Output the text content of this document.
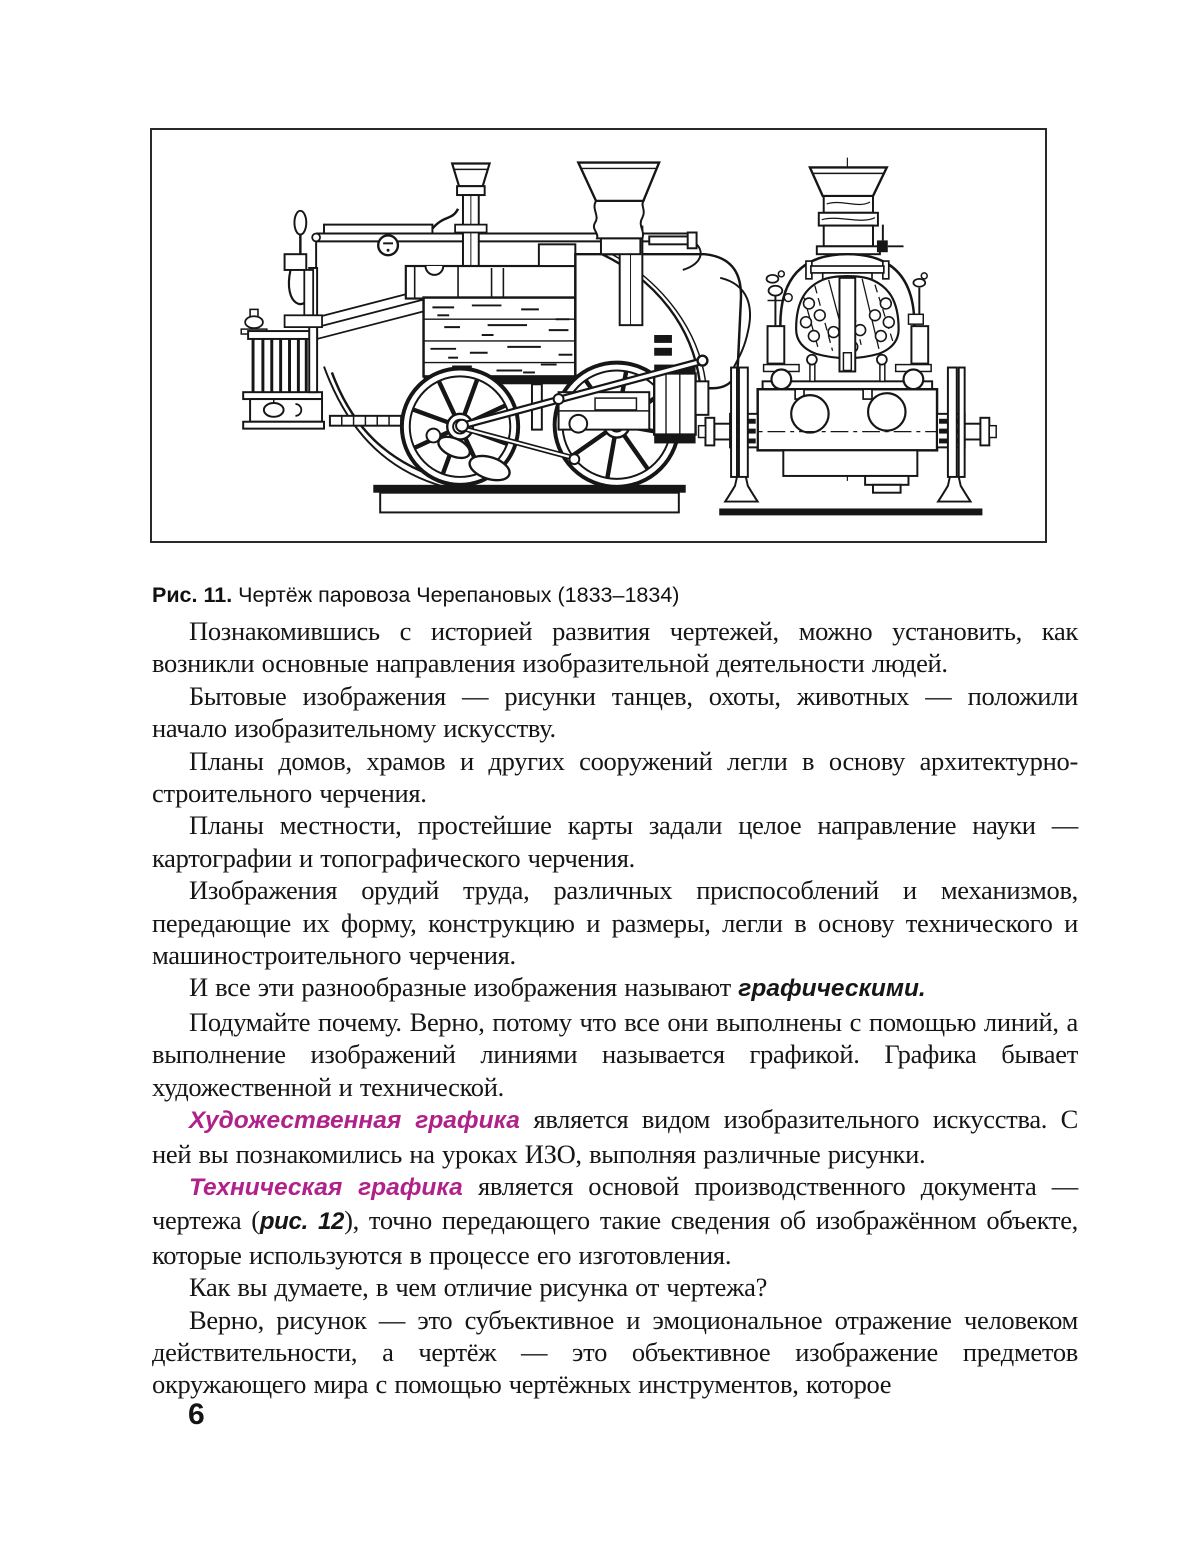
Рис. 11. Чертёж паровоза Черепановых (1833–1834)

Познакомившись с историей развития чертежей, можно установить, как возникли основные направления изобразительной деятельности людей.

Бытовые изображения — рисунки танцев, охоты, животных — положили начало изобразительному искусству.

Планы домов, храмов и других сооружений легли в основу архитектурно-строительного черчения.

Планы местности, простейшие карты задали целое направление науки — картографии и топографического черчения.

Изображения орудий труда, различных приспособлений и механизмов, передающие их форму, конструкцию и размеры, легли в основу технического и машиностроительного черчения.

И все эти разнообразные изображения называют графическими.

Подумайте почему. Верно, потому что все они выполнены с помощью линий, а выполнение изображений линиями называется графикой. Графика бывает художественной и технической.

Художественная графика является видом изобразительного искусства. С ней вы познакомились на уроках ИЗО, выполняя различные рисунки.

Техническая графика является основой производственного документа — чертежа (рис. 12), точно передающего такие сведения об изображённом объекте, которые используются в процессе его изготовления.

Как вы думаете, в чем отличие рисунка от чертежа?

Верно, рисунок — это субъективное и эмоциональное отражение человеком действительности, а чертёж — это объективное изображение предметов окружающего мира с помощью чертёжных инструментов, которое

6
